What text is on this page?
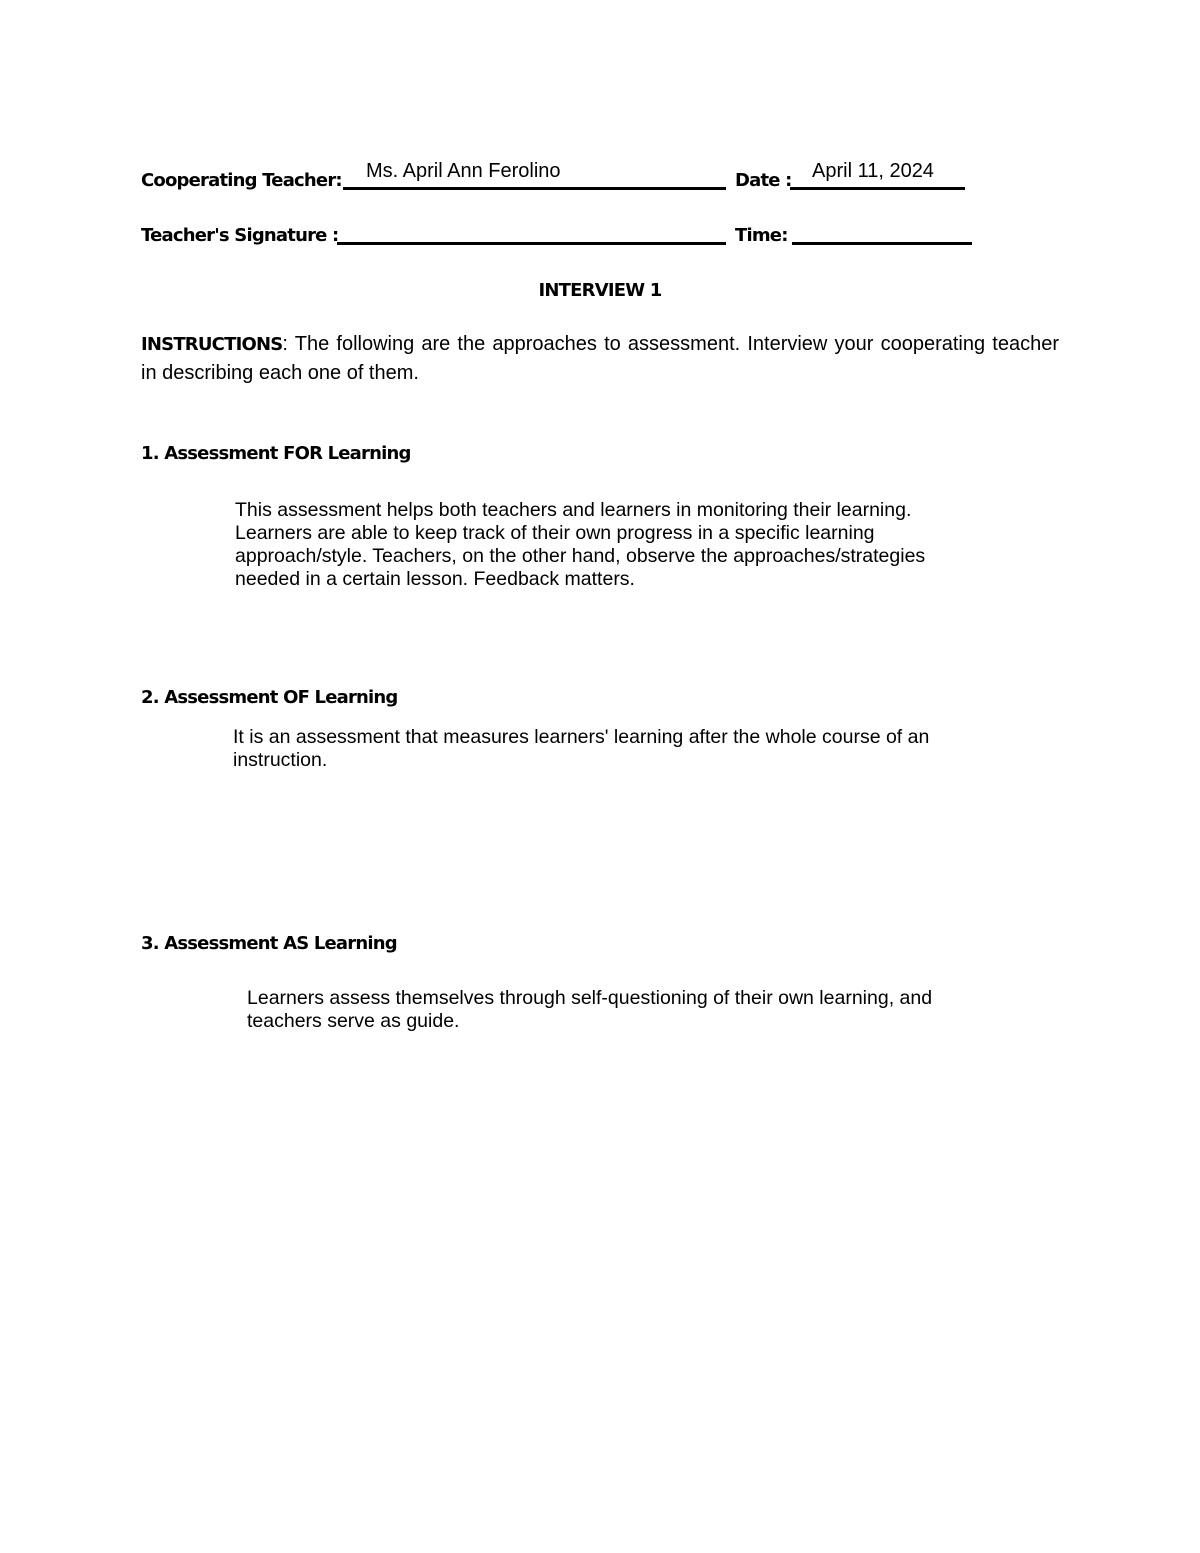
Cooperating Teacher: Ms. April Ann Ferolino	Date : April 11, 2024
Teacher's Signature :	Time:
INTERVIEW 1
INSTRUCTIONS: The following are the approaches to assessment. Interview your cooperating teacher in describing each one of them.
1. Assessment FOR Learning
This assessment helps both teachers and learners in monitoring their learning. Learners are able to keep track of their own progress in a specific learning approach/style. Teachers, on the other hand, observe the approaches/strategies needed in a certain lesson. Feedback matters.
2. Assessment OF Learning
It is an assessment that measures learners' learning after the whole course of an instruction.
3. Assessment AS Learning
Learners assess themselves through self-questioning of their own learning, and teachers serve as guide.
